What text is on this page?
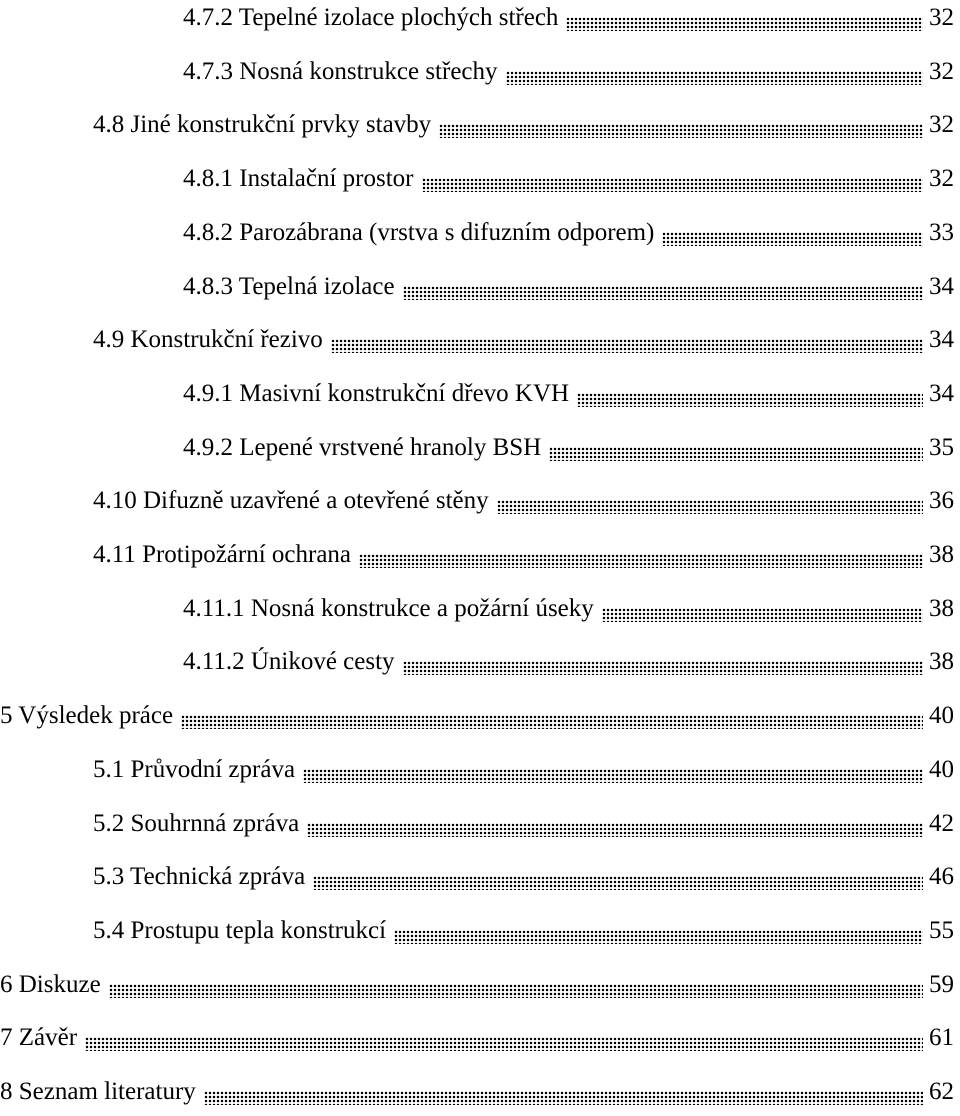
4.7.2 Tepelné izolace plochých střech	32
4.7.3 Nosná konstrukce střechy	32
4.8 Jiné konstrukční prvky stavby	32
4.8.1 Instalační prostor	32
4.8.2 Parozábrana (vrstva s difuzním odporem)	33
4.8.3 Tepelná izolace	34
4.9 Konstrukční řezivo	34
4.9.1 Masivní konstrukční dřevo KVH	34
4.9.2 Lepené vrstvené hranoly BSH	35
4.10 Difuzně uzavřené a otevřené stěny	36
4.11 Protipožární ochrana	38
4.11.1 Nosná konstrukce a požární úseky	38
4.11.2 Únikové cesty	38
5 Výsledek práce	40
5.1 Průvodní zpráva	40
5.2 Souhrnná zpráva	42
5.3 Technická zpráva	46
5.4 Prostupu tepla konstrukcí	55
6 Diskuze	59
7 Závěr	61
8 Seznam literatury	62
